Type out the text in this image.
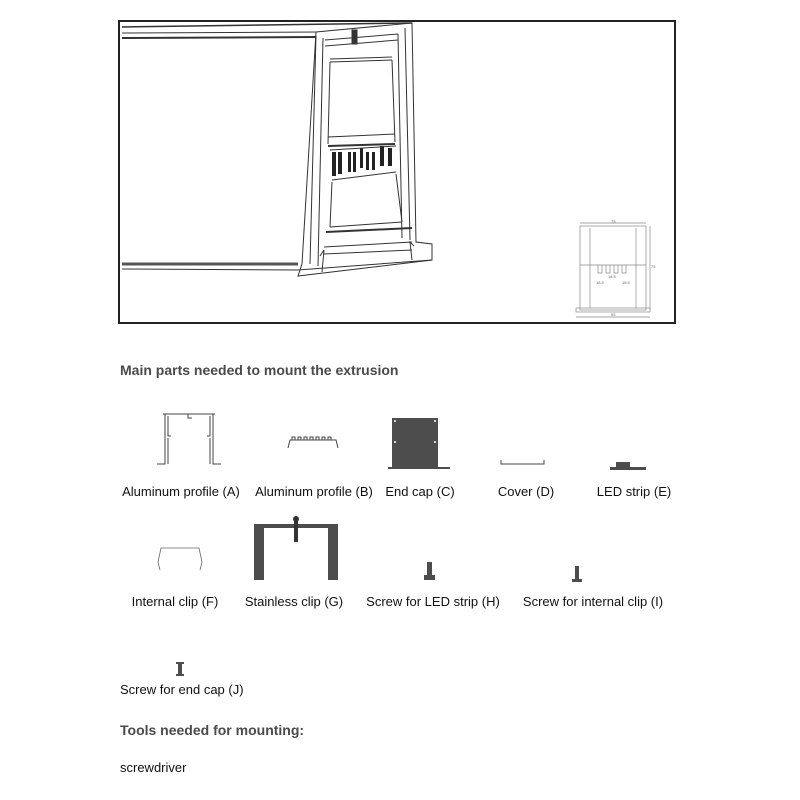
75
75
18.5
18.5	18.5
95
Main parts needed to mount the extrusion
Aluminum profile (A)	Aluminum profile (B) End cap (C)	Cover (D)	LED strip (E)
Internal clip (F)	Stainless clip (G)	Screw for LED strip (H)	Screw for internal clip (I)
Screw for end cap (J)
Tools needed for mounting:
screwdriver
